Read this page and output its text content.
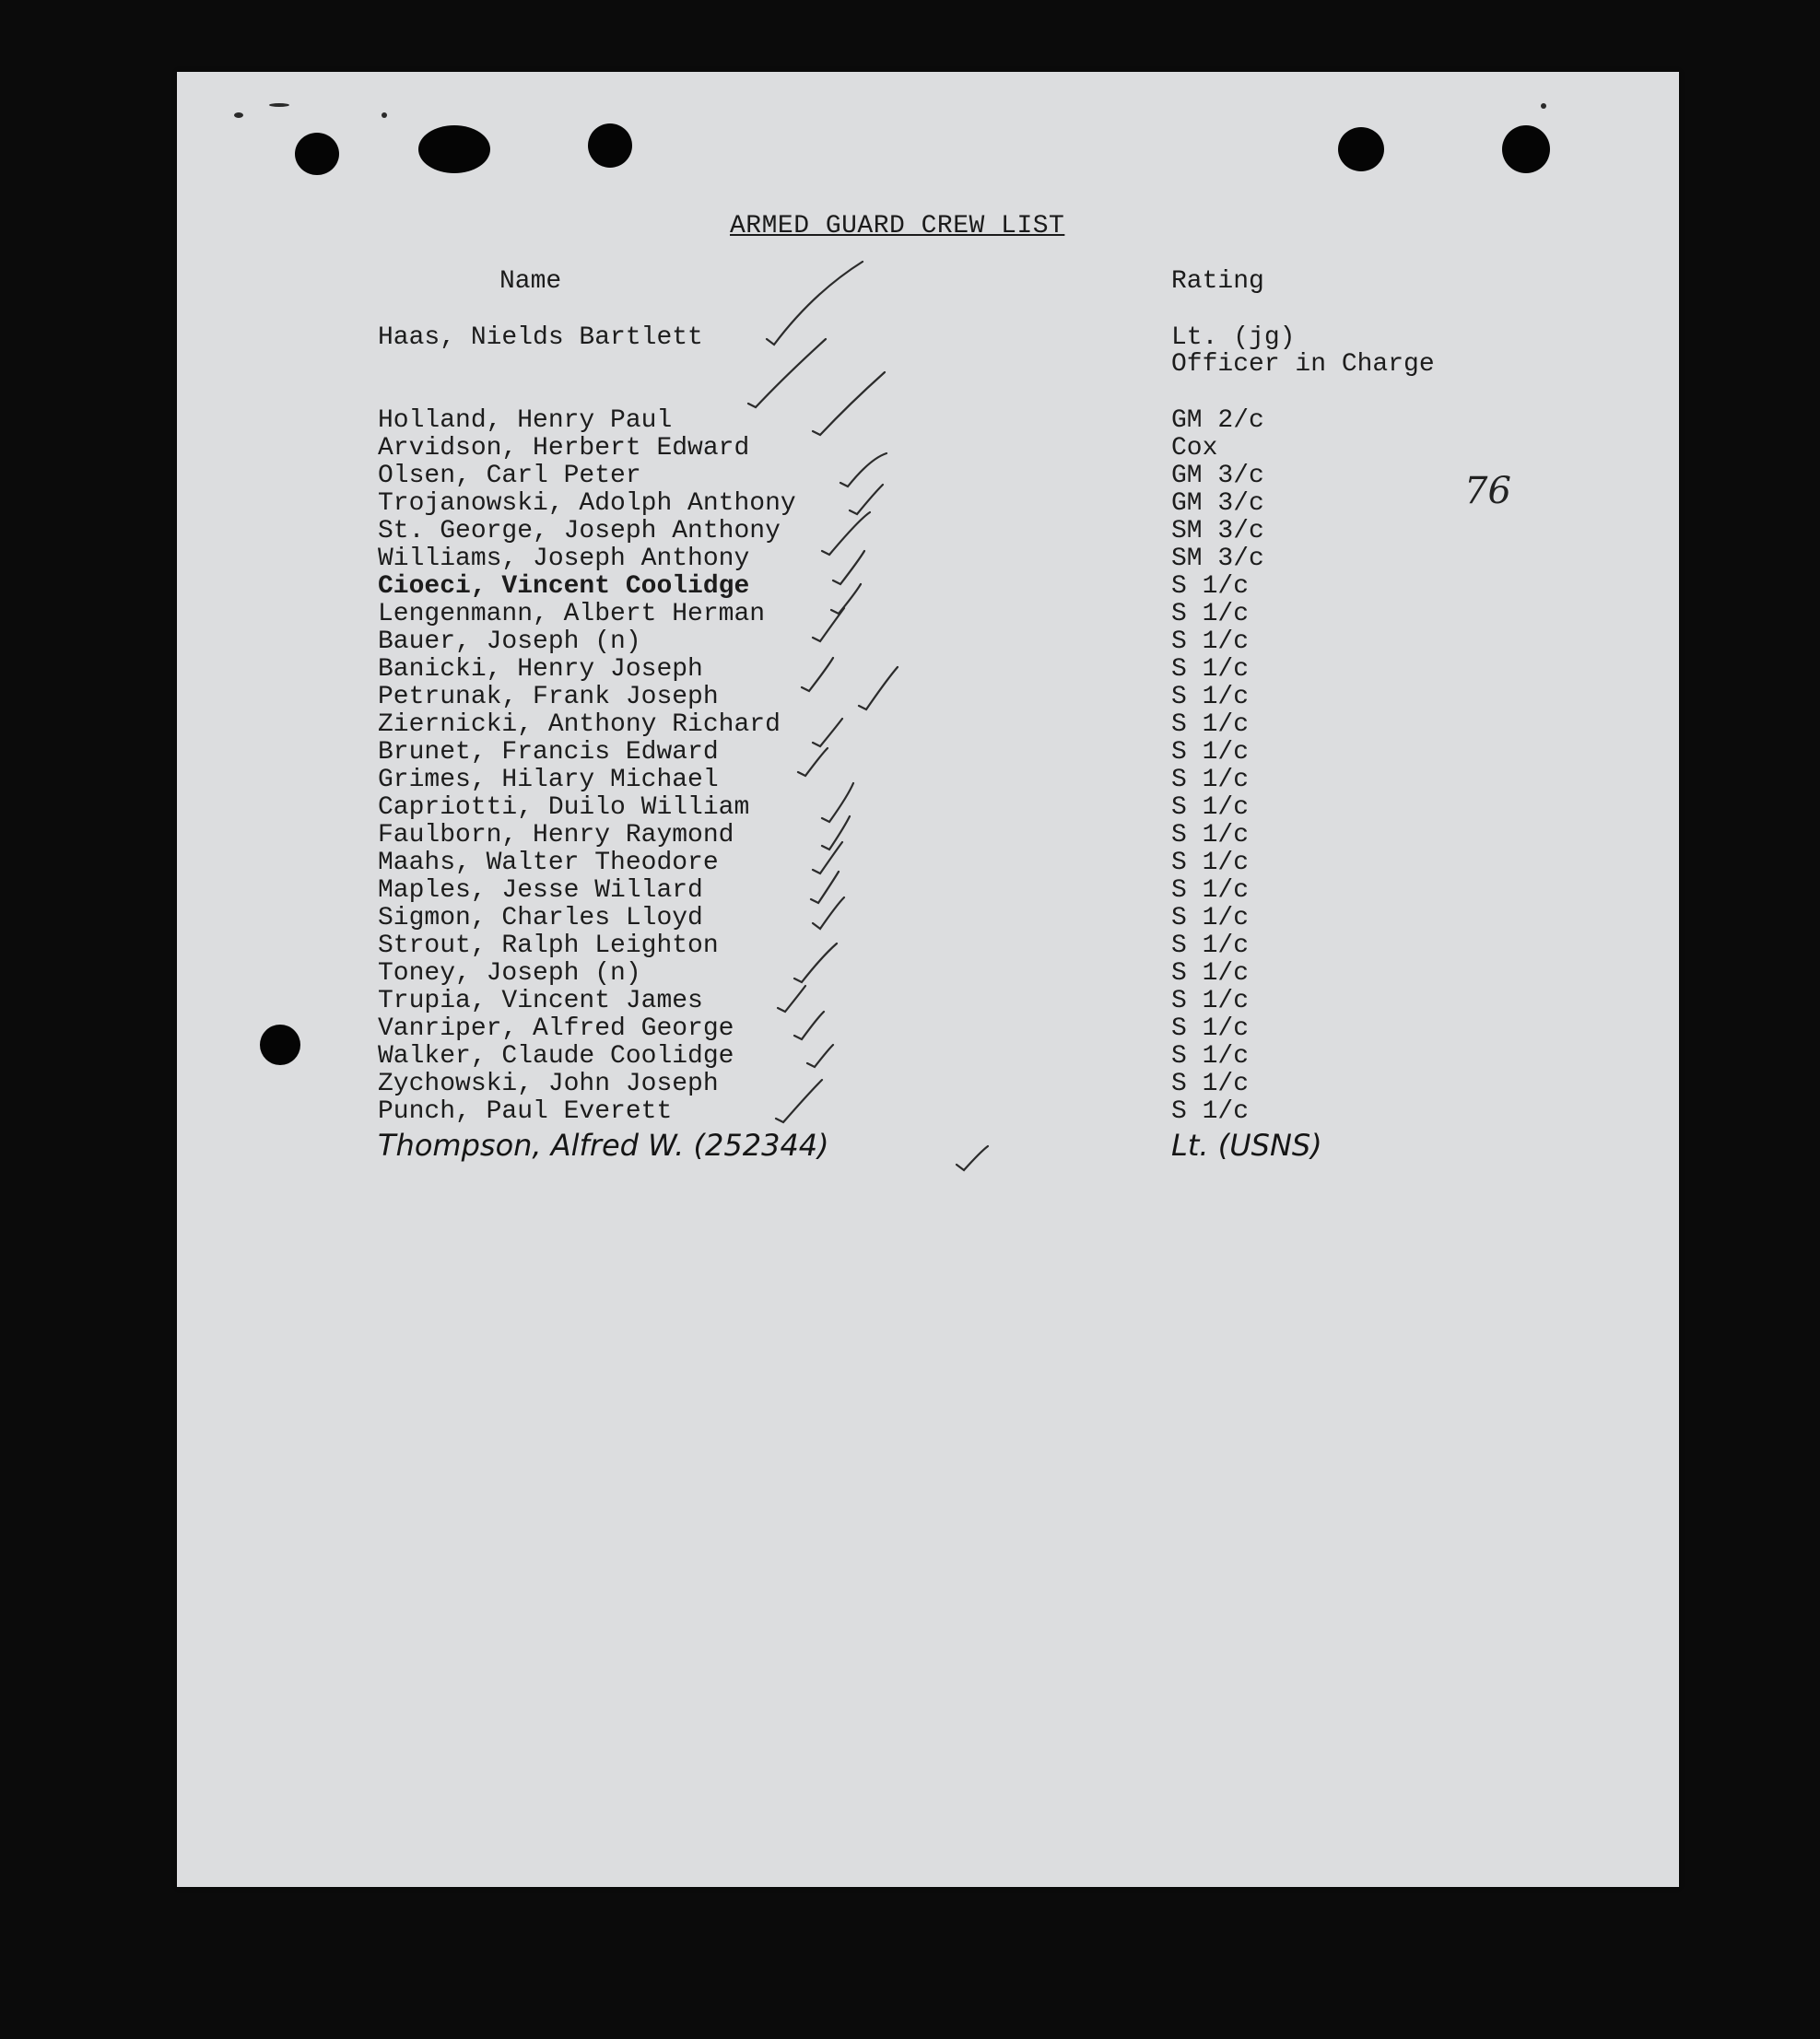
ARMED GUARD CREW LIST
Name	Rating
Haas, Nields Bartlett	Lt. (jg)
Officer in Charge
Holland, Henry Paul	GM 2/c
Arvidson, Herbert Edward	Cox
Olsen, Carl Peter	GM 3/c
Trojanowski, Adolph Anthony	GM 3/c
St. George, Joseph Anthony	SM 3/c
Williams, Joseph Anthony	SM 3/c
Cioeci, Vincent Coolidge	S 1/c
Lengenmann, Albert Herman	S 1/c
Bauer, Joseph (n)	S 1/c
Banicki, Henry Joseph	S 1/c
Petrunak, Frank Joseph	S 1/c
Ziernicki, Anthony Richard	S 1/c
Brunet, Francis Edward	S 1/c
Grimes, Hilary Michael	S 1/c
Capriotti, Duilo William	S 1/c
Faulborn, Henry Raymond	S 1/c
Maahs, Walter Theodore	S 1/c
Maples, Jesse Willard	S 1/c
Sigmon, Charles Lloyd	S 1/c
Strout, Ralph Leighton	S 1/c
Toney, Joseph (n)	S 1/c
Trupia, Vincent James	S 1/c
Vanriper, Alfred George	S 1/c
Walker, Claude Coolidge	S 1/c
Zychowski, John Joseph	S 1/c
Punch, Paul Everett	S 1/c
Thompson, Alfred W. (252344)	Lt. (USNS)
76
